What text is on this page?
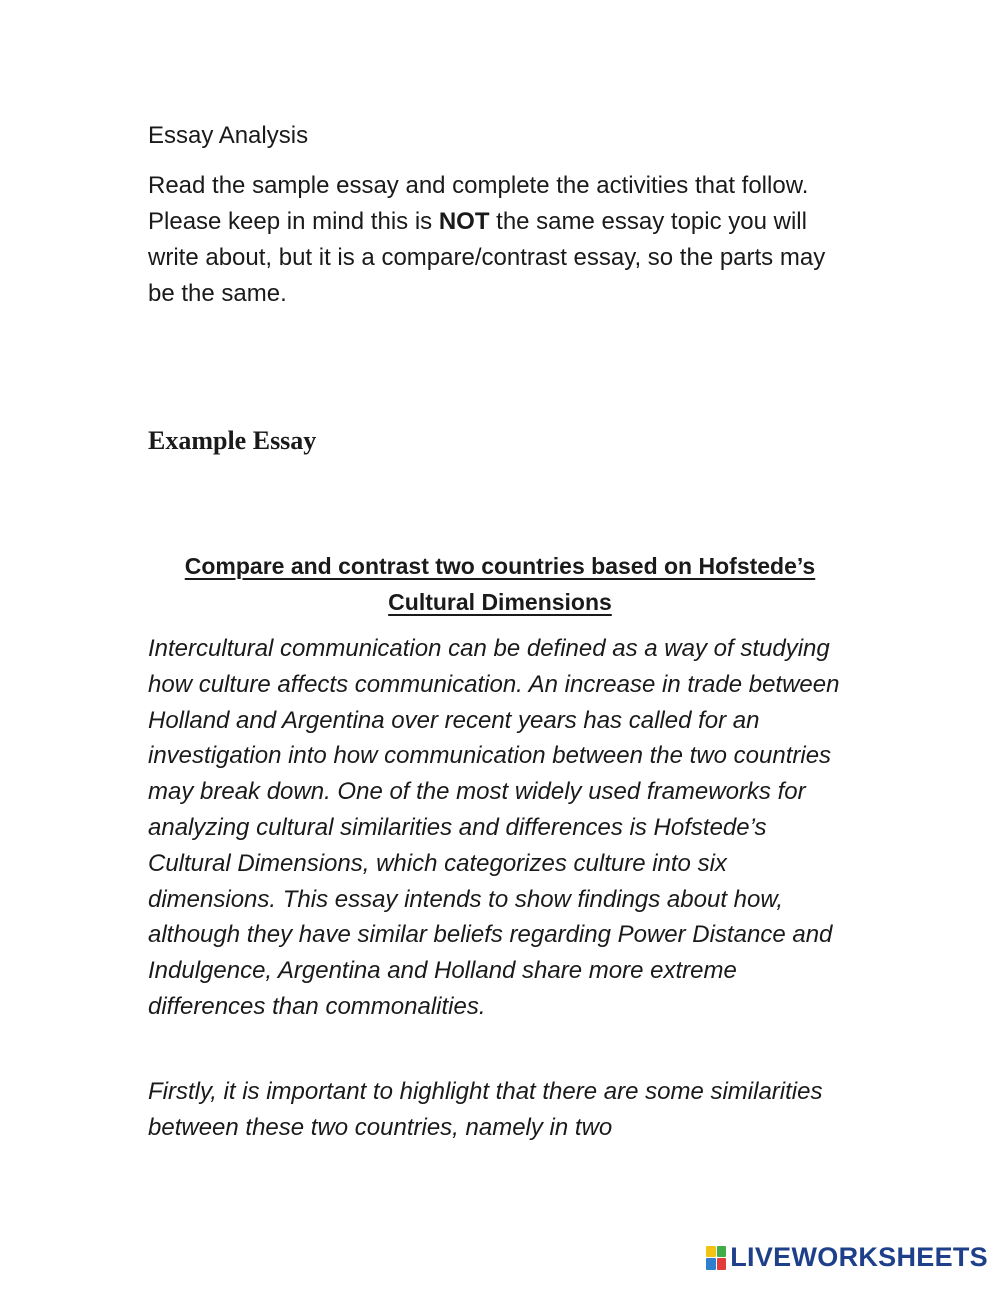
Essay Analysis

Read the sample essay and complete the activities that follow. Please keep in mind this is NOT the same essay topic you will write about, but it is a compare/contrast essay, so the parts may be the same.

Example Essay

Compare and contrast two countries based on Hofstede’s
Cultural Dimensions

Intercultural communication can be defined as a way of studying how culture affects communication. An increase in trade between Holland and Argentina over recent years has called for an investigation into how communication between the two countries may break down. One of the most widely used frameworks for analyzing cultural similarities and differences is Hofstede’s Cultural Dimensions, which categorizes culture into six dimensions. This essay intends to show findings about how, although they have similar beliefs regarding Power Distance and Indulgence, Argentina and Holland share more extreme differences than commonalities.

Firstly, it is important to highlight that there are some similarities between these two countries, namely in two

LIVEWORKSHEETS
